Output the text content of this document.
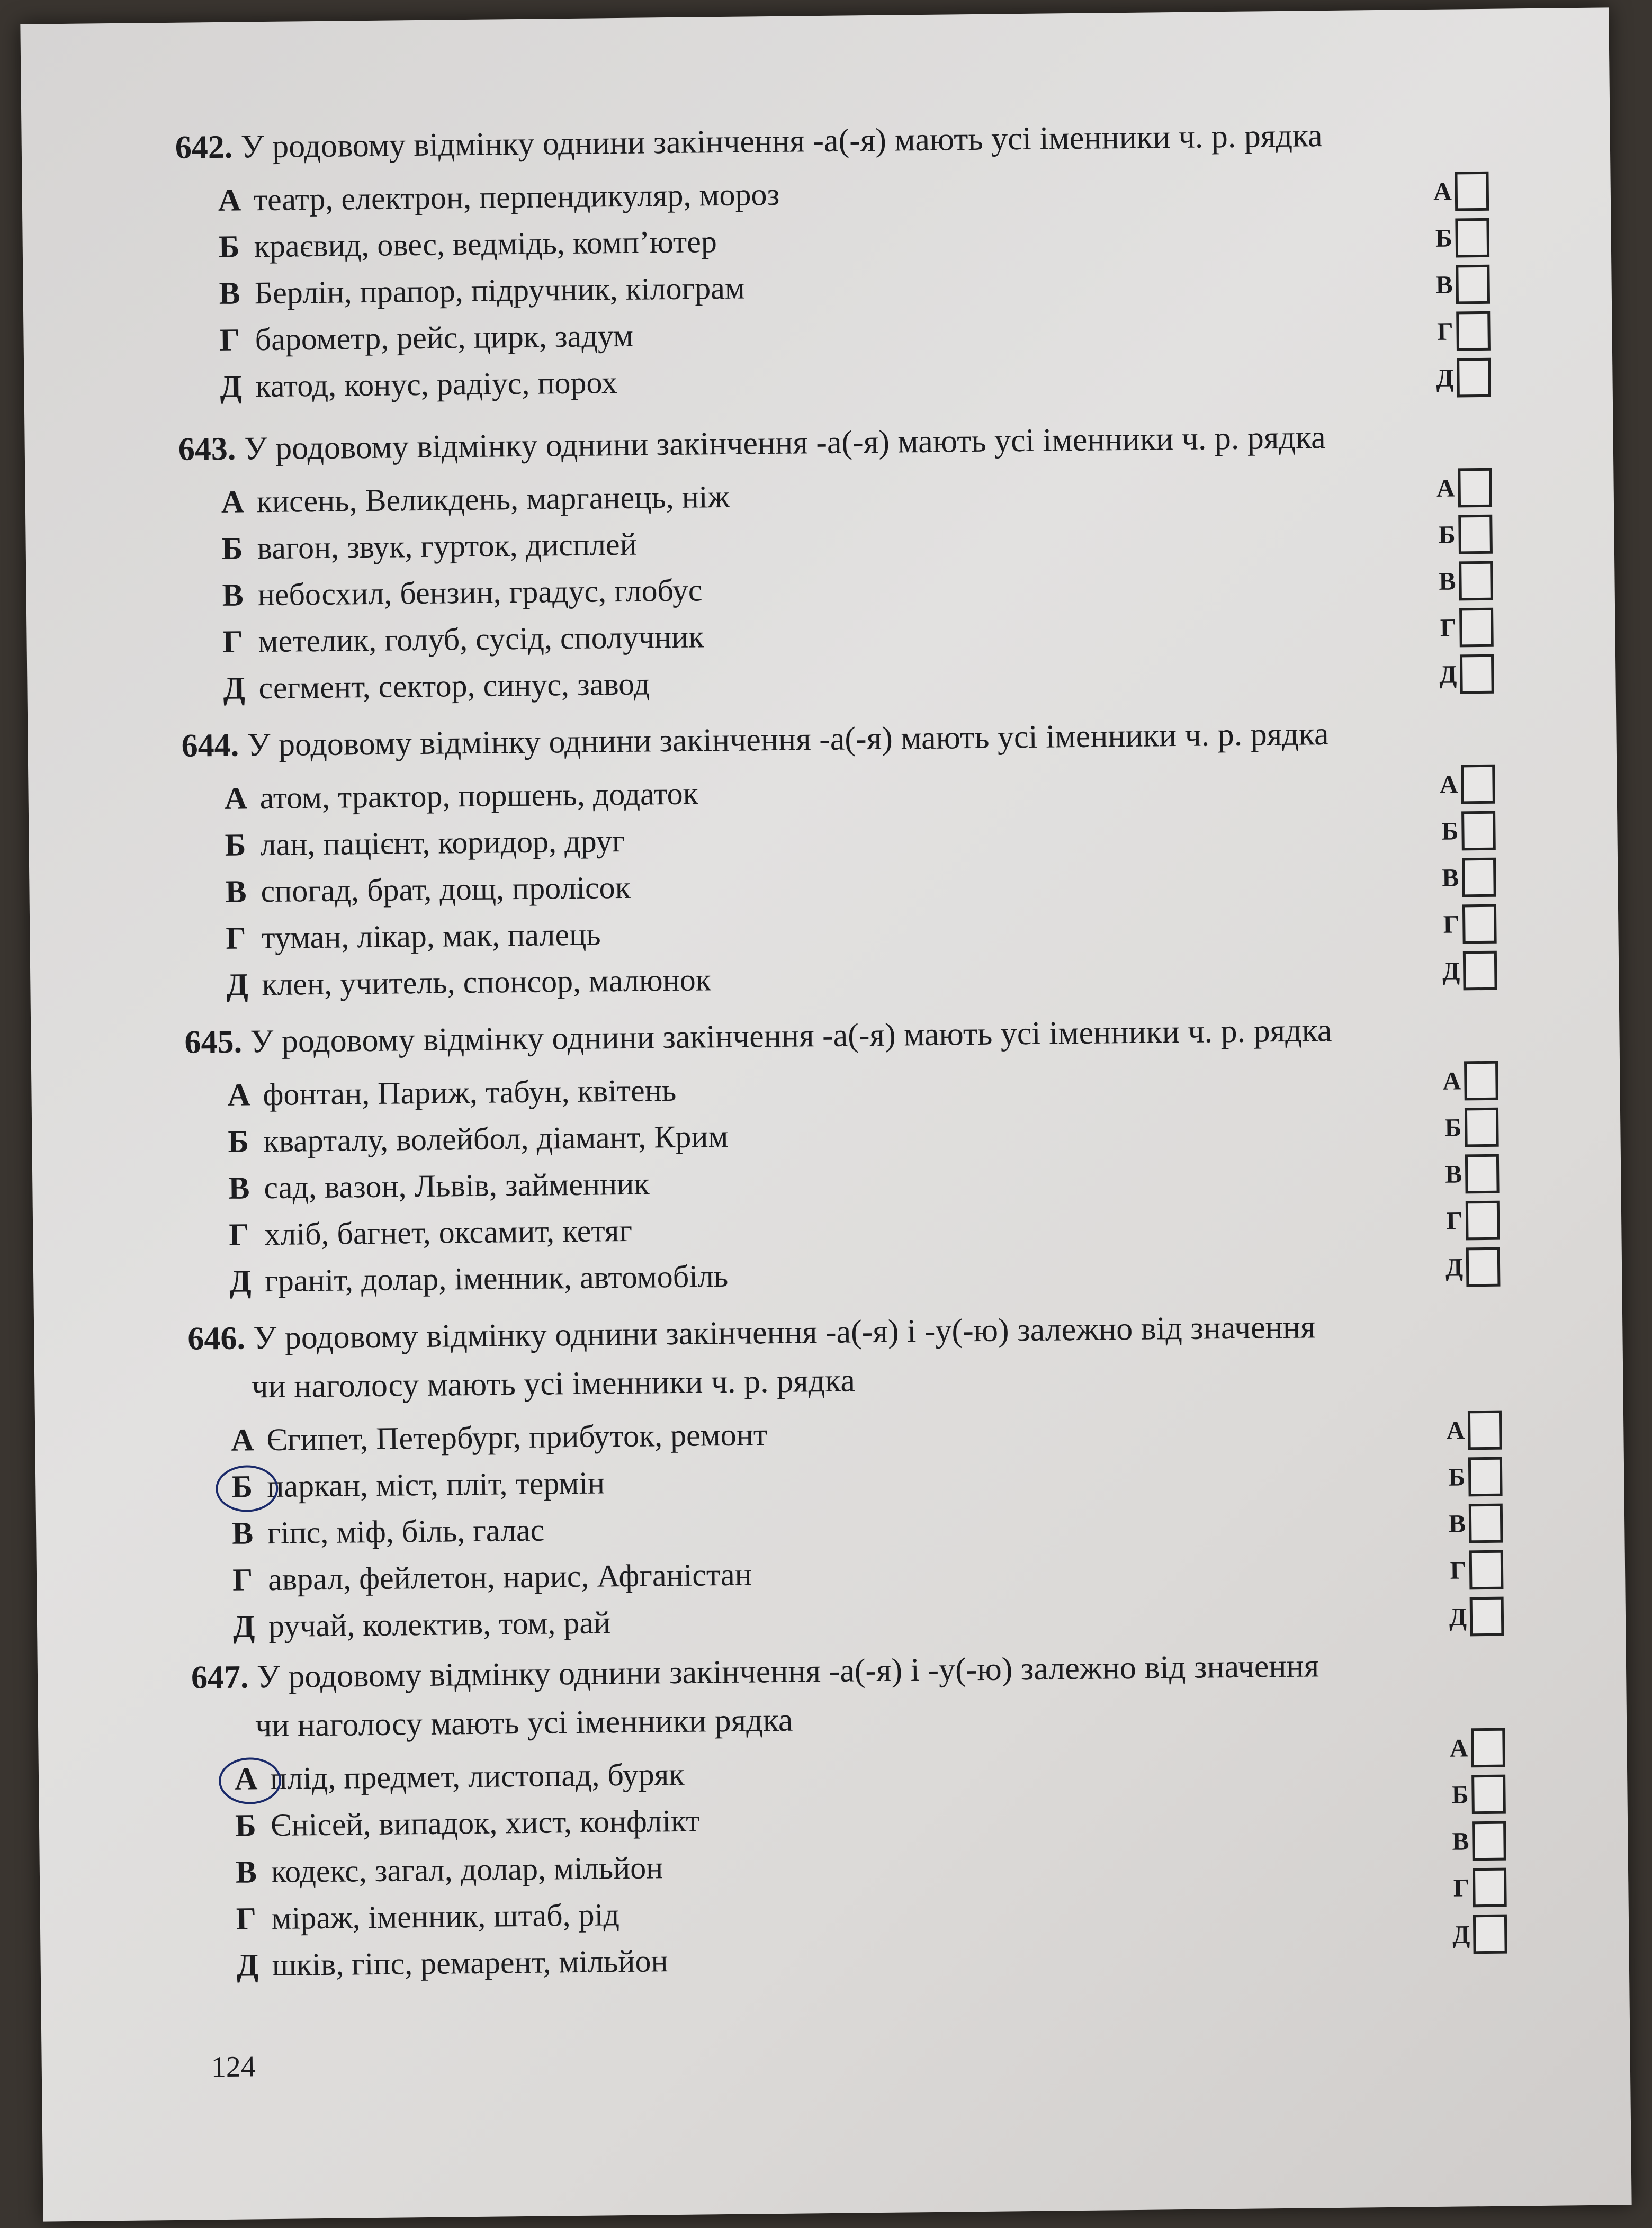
642. У родовому відмінку однини закінчення -а(-я) мають усі іменники ч. р. рядка
А театр, електрон, перпендикуляр, мороз
Б краєвид, овес, ведмідь, комп’ютер
В Берлін, прапор, підручник, кілограм
Г барометр, рейс, цирк, задум
Д катод, конус, радіус, порох
А
Б
В
Г
Д
643. У родовому відмінку однини закінчення -а(-я) мають усі іменники ч. р. рядка
А кисень, Великдень, марганець, ніж
Б вагон, звук, гурток, дисплей
В небосхил, бензин, градус, глобус
Г метелик, голуб, сусід, сполучник
Д сегмент, сектор, синус, завод
А
Б
В
Г
Д
644. У родовому відмінку однини закінчення -а(-я) мають усі іменники ч. р. рядка
А атом, трактор, поршень, додаток
Б лан, пацієнт, коридор, друг
В спогад, брат, дощ, пролісок
Г туман, лікар, мак, палець
Д клен, учитель, спонсор, малюнок
А
Б
В
Г
Д
645. У родовому відмінку однини закінчення -а(-я) мають усі іменники ч. р. рядка
А фонтан, Париж, табун, квітень
Б кварталу, волейбол, діамант, Крим
В сад, вазон, Львів, займенник
Г хліб, багнет, оксамит, кетяг
Д граніт, долар, іменник, автомобіль
А
Б
В
Г
Д
646. У родовому відмінку однини закінчення -а(-я) і -у(-ю) залежно від значення
чи наголосу мають усі іменники ч. р. рядка
А Єгипет, Петербург, прибуток, ремонт
Б паркан, міст, пліт, термін
В гіпс, міф, біль, галас
Г аврал, фейлетон, нарис, Афганістан
Д ручай, колектив, том, рай
А
Б
В
Г
Д
647. У родовому відмінку однини закінчення -а(-я) і -у(-ю) залежно від значення
чи наголосу мають усі іменники рядка
А плід, предмет, листопад, буряк
Б Єнісей, випадок, хист, конфлікт
В кодекс, загал, долар, мільйон
Г міраж, іменник, штаб, рід
Д шків, гіпс, ремарент, мільйон
А
Б
В
Г
Д
124
